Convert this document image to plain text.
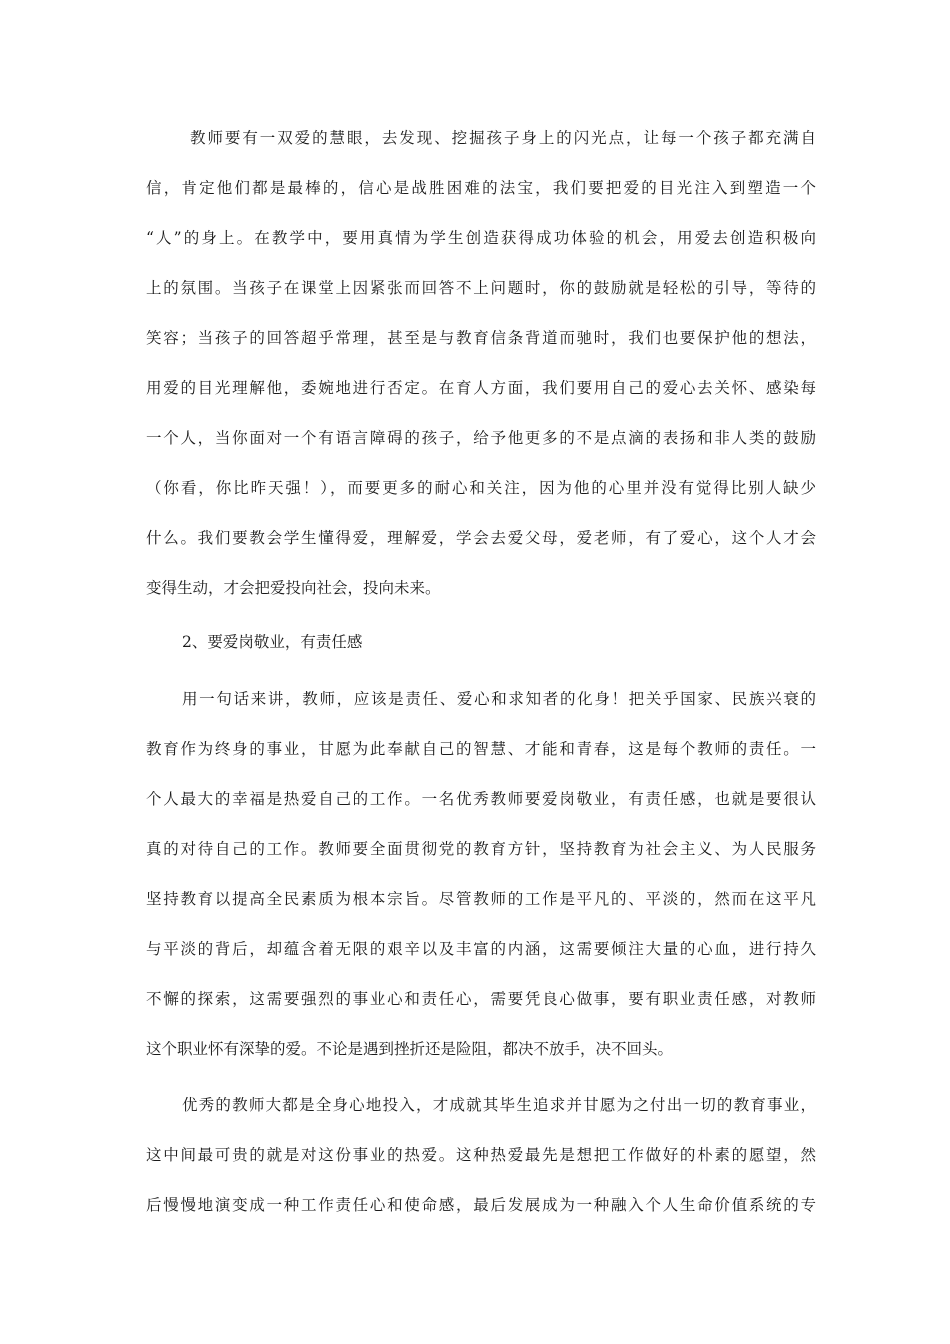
教师要有一双爱的慧眼，去发现、挖掘孩子身上的闪光点，让每一个孩子都充满自
信，肯定他们都是最棒的，信心是战胜困难的法宝，我们要把爱的目光注入到塑造一个
“人”的身上。在教学中，要用真情为学生创造获得成功体验的机会，用爱去创造积极向
上的氛围。当孩子在课堂上因紧张而回答不上问题时，你的鼓励就是轻松的引导，等待的
笑容；当孩子的回答超乎常理，甚至是与教育信条背道而驰时，我们也要保护他的想法，
用爱的目光理解他，委婉地进行否定。在育人方面，我们要用自己的爱心去关怀、感染每
一个人，当你面对一个有语言障碍的孩子，给予他更多的不是点滴的表扬和非人类的鼓励
（你看，你比昨天强！），而要更多的耐心和关注，因为他的心里并没有觉得比别人缺少
什么。我们要教会学生懂得爱，理解爱，学会去爱父母，爱老师，有了爱心，这个人才会
变得生动，才会把爱投向社会，投向未来。
2、要爱岗敬业，有责任感
用一句话来讲，教师，应该是责任、爱心和求知者的化身！把关乎国家、民族兴衰的
教育作为终身的事业，甘愿为此奉献自己的智慧、才能和青春，这是每个教师的责任。一
个人最大的幸福是热爱自己的工作。一名优秀教师要爱岗敬业，有责任感，也就是要很认
真的对待自己的工作。教师要全面贯彻党的教育方针，坚持教育为社会主义、为人民服务
坚持教育以提高全民素质为根本宗旨。尽管教师的工作是平凡的、平淡的，然而在这平凡
与平淡的背后，却蕴含着无限的艰辛以及丰富的内涵，这需要倾注大量的心血，进行持久
不懈的探索，这需要强烈的事业心和责任心，需要凭良心做事，要有职业责任感，对教师
这个职业怀有深挚的爱。不论是遇到挫折还是险阻，都决不放手，决不回头。
优秀的教师大都是全身心地投入，才成就其毕生追求并甘愿为之付出一切的教育事业，
这中间最可贵的就是对这份事业的热爱。这种热爱最先是想把工作做好的朴素的愿望，然
后慢慢地演变成一种工作责任心和使命感，最后发展成为一种融入个人生命价值系统的专
